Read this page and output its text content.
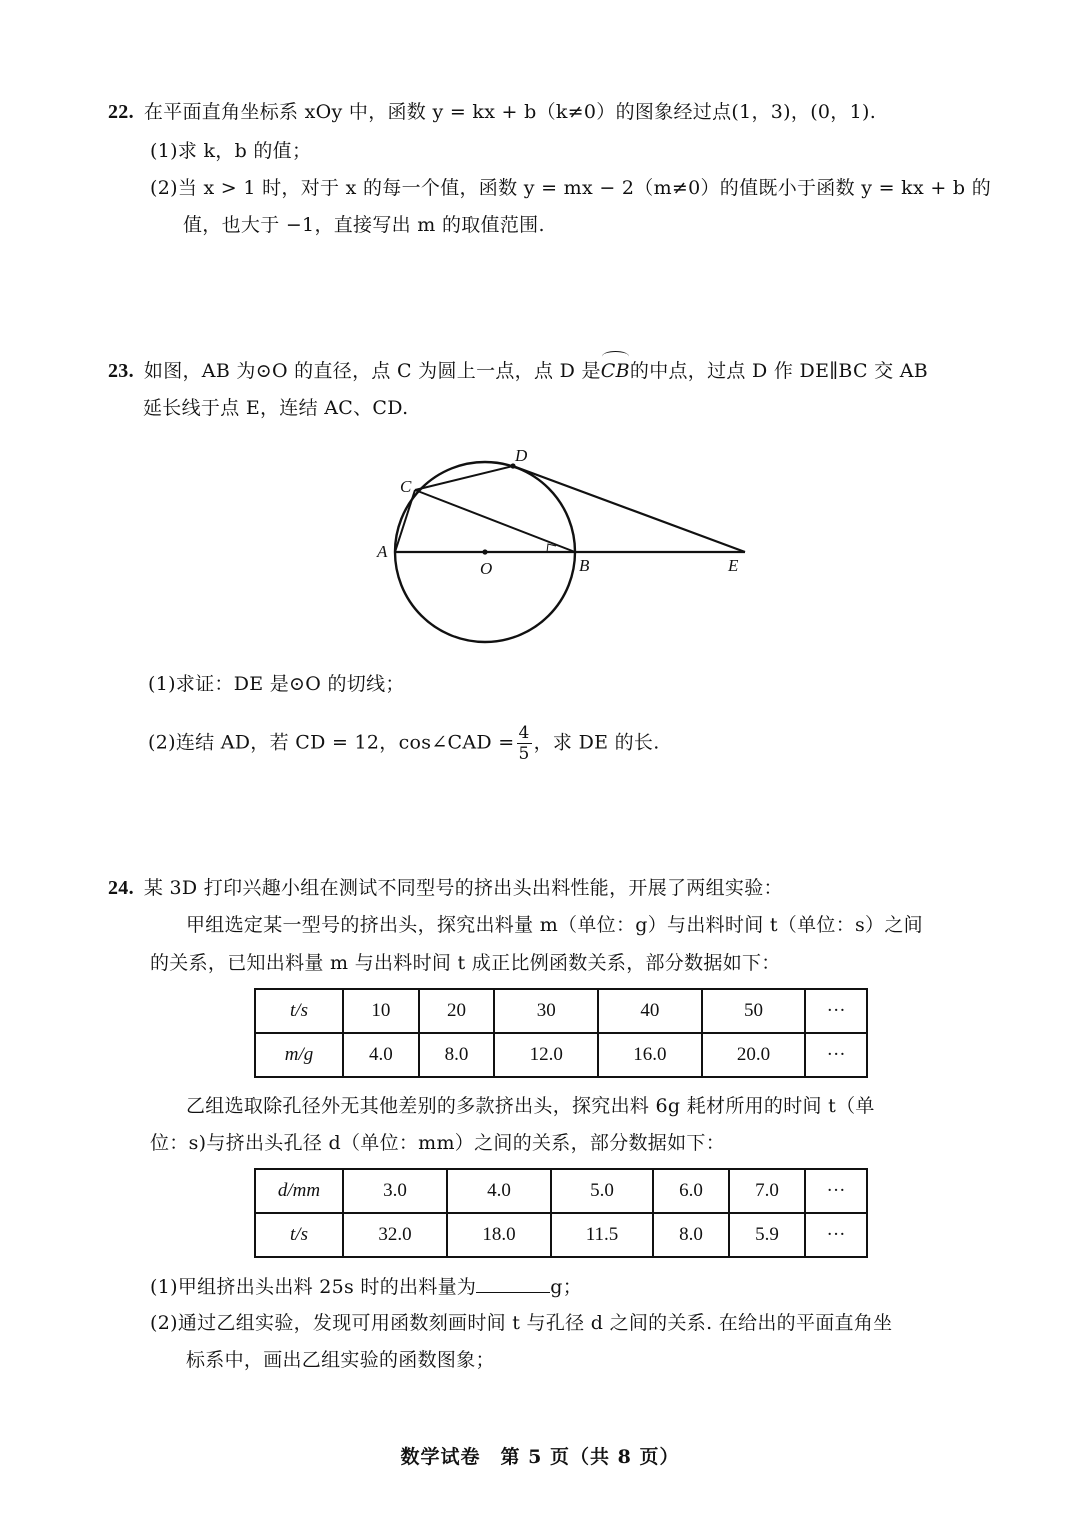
22. 在平面直角坐标系 xOy 中，函数 y = kx + b（k≠0）的图象经过点(1，3)，(0，1).
(1)求 k，b 的值；
(2)当 x > 1 时，对于 x 的每一个值，函数 y = mx − 2（m≠0）的值既小于函数 y = kx + b 的
值，也大于 −1，直接写出 m 的取值范围.
23. 如图，AB 为⊙O 的直径，点 C 为圆上一点，点 D 是
CB的中点，过点 D 作 DE∥BC 交 AB
延长线于点 E，连结 AC、CD.
A
C
D
O	B	E
(1)求证：DE 是⊙O 的切线；
(2)连结 AD，若 CD = 12，cos∠CAD = $\frac{4}{5}$ ，求 DE 的长.
24. 某 3D 打印兴趣小组在测试不同型号的挤出头出料性能，开展了两组实验：
甲组选定某一型号的挤出头，探究出料量 m（单位：g）与出料时间 t（单位：s）之间
的关系，已知出料量 m 与出料时间 t 成正比例函数关系，部分数据如下：
t/s	10	20	30	40	50	···
m/g	4.0	8.0	12.0	16.0	20.0	···
乙组选取除孔径外无其他差别的多款挤出头，探究出料 6g 耗材所用的时间 t（单
位：s)与挤出头孔径 d（单位：mm）之间的关系，部分数据如下：
d/mm	3.0	4.0	5.0	6.0	7.0	···
t/s	32.0	18.0	11.5	8.0	5.9	···
(1)甲组挤出头出料 25s 时的出料量为	g；
(2)通过乙组实验，发现可用函数刻画时间 t 与孔径 d 之间的关系. 在给出的平面直角坐
标系中，画出乙组实验的函数图象；
数学试卷　第 5 页（共 8 页）
